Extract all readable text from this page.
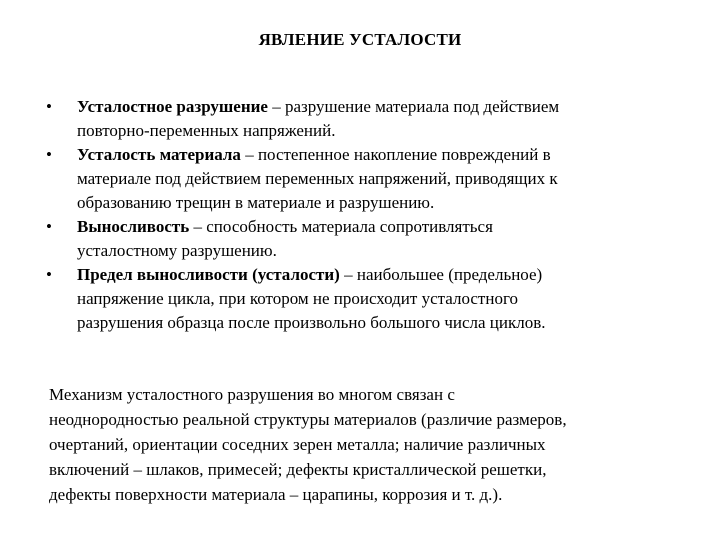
ЯВЛЕНИЕ УСТАЛОСТИ
•	Усталостное разрушение – разрушение материала под действием
повторно-переменных напряжений.
•	Усталость материала – постепенное накопление повреждений в
материале под действием переменных напряжений, приводящих к
образованию трещин в материале и разрушению.
•	Выносливость – способность материала сопротивляться
усталостному разрушению.
•	Предел выносливости (усталости) – наибольшее (предельное)
напряжение цикла, при котором не происходит усталостного
разрушения образца после произвольно большого числа циклов.

Механизм усталостного разрушения во многом связан с
неоднородностью реальной структуры материалов (различие размеров,
очертаний, ориентации соседних зерен металла; наличие различных
включений – шлаков, примесей; дефекты кристаллической решетки,
дефекты поверхности материала – царапины, коррозия и т. д.).
